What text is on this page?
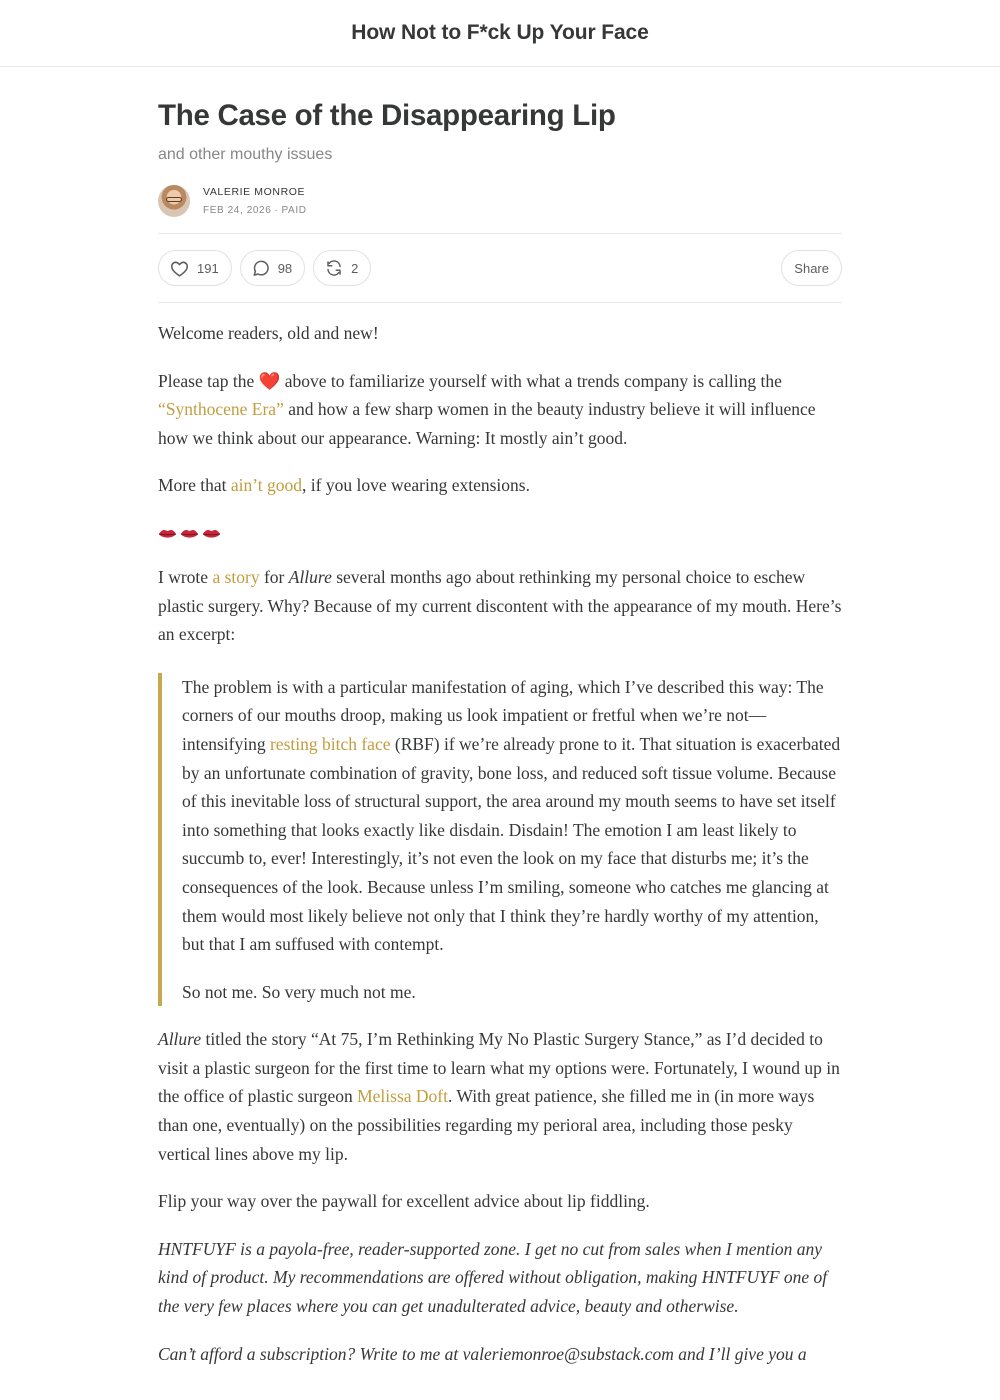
How Not to F*ck Up Your Face
The Case of the Disappearing Lip
and other mouthy issues
VALERIE MONROE
FEB 24, 2026 ∙ PAID
191	98	2	Share

Welcome readers, old and new!

Please tap the ❤️ above to familiarize yourself with what a trends company is calling the “Synthocene Era” and how a few sharp women in the beauty industry believe it will influence how we think about our appearance. Warning: It mostly ain’t good.

More that ain’t good, if you love wearing extensions.

I wrote a story for Allure several months ago about rethinking my personal choice to eschew plastic surgery. Why? Because of my current discontent with the appearance of my mouth. Here’s an excerpt:

The problem is with a particular manifestation of aging, which I’ve described this way: The corners of our mouths droop, making us look impatient or fretful when we’re not—intensifying resting bitch face (RBF) if we’re already prone to it. That situation is exacerbated by an unfortunate combination of gravity, bone loss, and reduced soft tissue volume. Because of this inevitable loss of structural support, the area around my mouth seems to have set itself into something that looks exactly like disdain. Disdain! The emotion I am least likely to succumb to, ever! Interestingly, it’s not even the look on my face that disturbs me; it’s the consequences of the look. Because unless I’m smiling, someone who catches me glancing at them would most likely believe not only that I think they’re hardly worthy of my attention, but that I am suffused with contempt.

So not me. So very much not me.

Allure titled the story “At 75, I’m Rethinking My No Plastic Surgery Stance,” as I’d decided to visit a plastic surgeon for the first time to learn what my options were. Fortunately, I wound up in the office of plastic surgeon Melissa Doft. With great patience, she filled me in (in more ways than one, eventually) on the possibilities regarding my perioral area, including those pesky vertical lines above my lip.

Flip your way over the paywall for excellent advice about lip fiddling.

HNTFUYF is a payola-free, reader-supported zone. I get no cut from sales when I mention any kind of product. My recommendations are offered without obligation, making HNTFUYF one of the very few places where you can get unadulterated advice, beauty and otherwise.

Can’t afford a subscription? Write to me at valeriemonroe@substack.com and I’ll give you a
